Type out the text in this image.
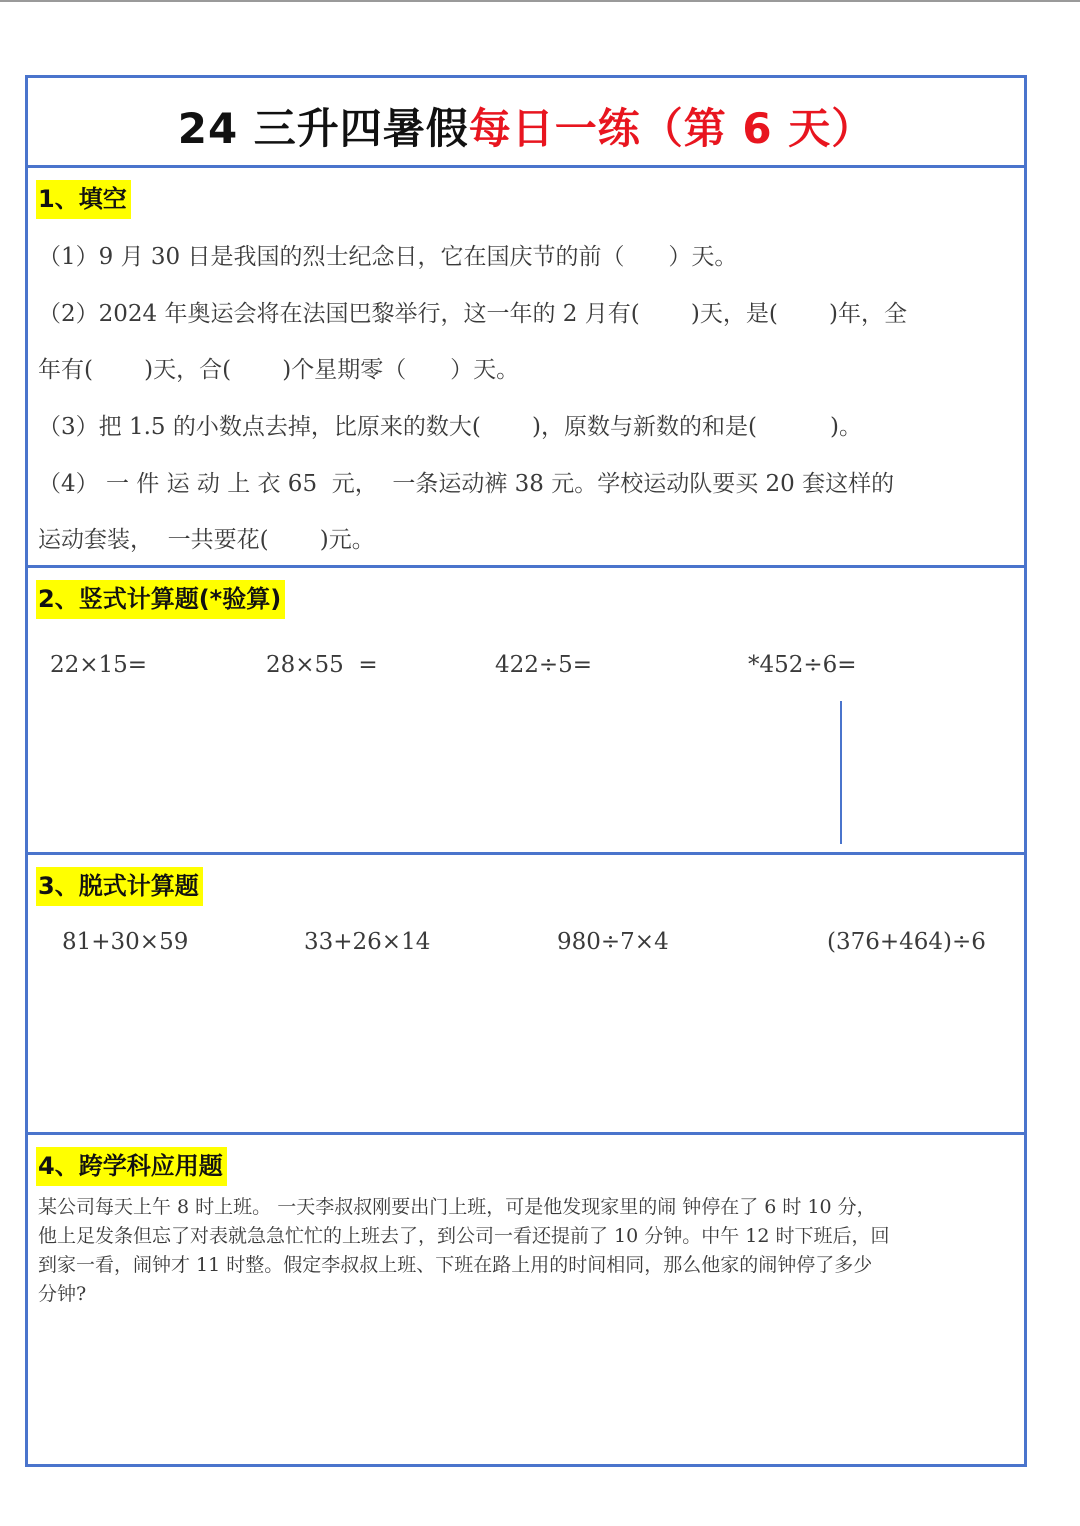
24 三升四暑假每日一练（第 6 天）
1、填空
（1）9 月 30 日是我国的烈士纪念日，它在国庆节的前（      ）天。
（2）2024 年奥运会将在法国巴黎举行，这一年的 2 月有(       )天，是(       )年，全
年有(       )天，合(       )个星期零（      ）天。
（3）把 1.5 的小数点去掉，比原来的数大(       )，原数与新数的和是(          )。
（4） 一 件 运 动 上 衣 65  元，  一条运动裤 38 元。学校运动队要买 20 套这样的
运动套装，  一共要花(       )元。
2、竖式计算题(*验算)
22×15=	28×55  =	422÷5=	*452÷6=
3、脱式计算题
81+30×59	33+26×14	980÷7×4	(376+464)÷6
4、跨学科应用题
某公司每天上午 8 时上班。 一天李叔叔刚要出门上班，可是他发现家里的闹 钟停在了 6 时 10 分，
他上足发条但忘了对表就急急忙忙的上班去了，到公司一看还提前了 10 分钟。中午 12 时下班后，回
到家一看，闹钟才 11 时整。假定李叔叔上班、下班在路上用的时间相同，那么他家的闹钟停了多少
分钟?
